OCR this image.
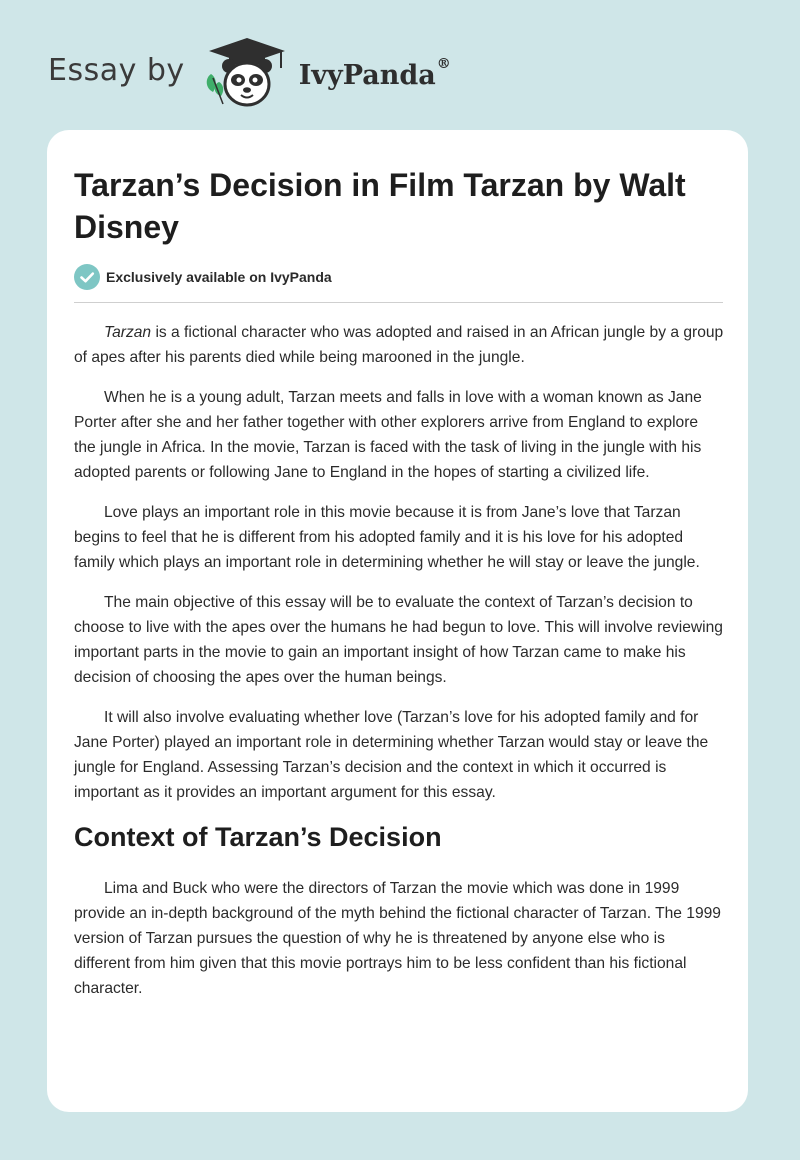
Essay by	IvyPanda®
Tarzan’s Decision in Film Tarzan by Walt Disney
Exclusively available on IvyPanda

Tarzan is a fictional character who was adopted and raised in an African jungle by a group of apes after his parents died while being marooned in the jungle.

When he is a young adult, Tarzan meets and falls in love with a woman known as Jane Porter after she and her father together with other explorers arrive from England to explore the jungle in Africa. In the movie, Tarzan is faced with the task of living in the jungle with his adopted parents or following Jane to England in the hopes of starting a civilized life.

Love plays an important role in this movie because it is from Jane’s love that Tarzan begins to feel that he is different from his adopted family and it is his love for his adopted family which plays an important role in determining whether he will stay or leave the jungle.

The main objective of this essay will be to evaluate the context of Tarzan’s decision to choose to live with the apes over the humans he had begun to love. This will involve reviewing important parts in the movie to gain an important insight of how Tarzan came to make his decision of choosing the apes over the human beings.

It will also involve evaluating whether love (Tarzan’s love for his adopted family and for Jane Porter) played an important role in determining whether Tarzan would stay or leave the jungle for England. Assessing Tarzan’s decision and the context in which it occurred is important as it provides an important argument for this essay.

Context of Tarzan’s Decision

Lima and Buck who were the directors of Tarzan the movie which was done in 1999 provide an in-depth background of the myth behind the fictional character of Tarzan. The 1999 version of Tarzan pursues the question of why he is threatened by anyone else who is different from him given that this movie portrays him to be less confident than his fictional character.
